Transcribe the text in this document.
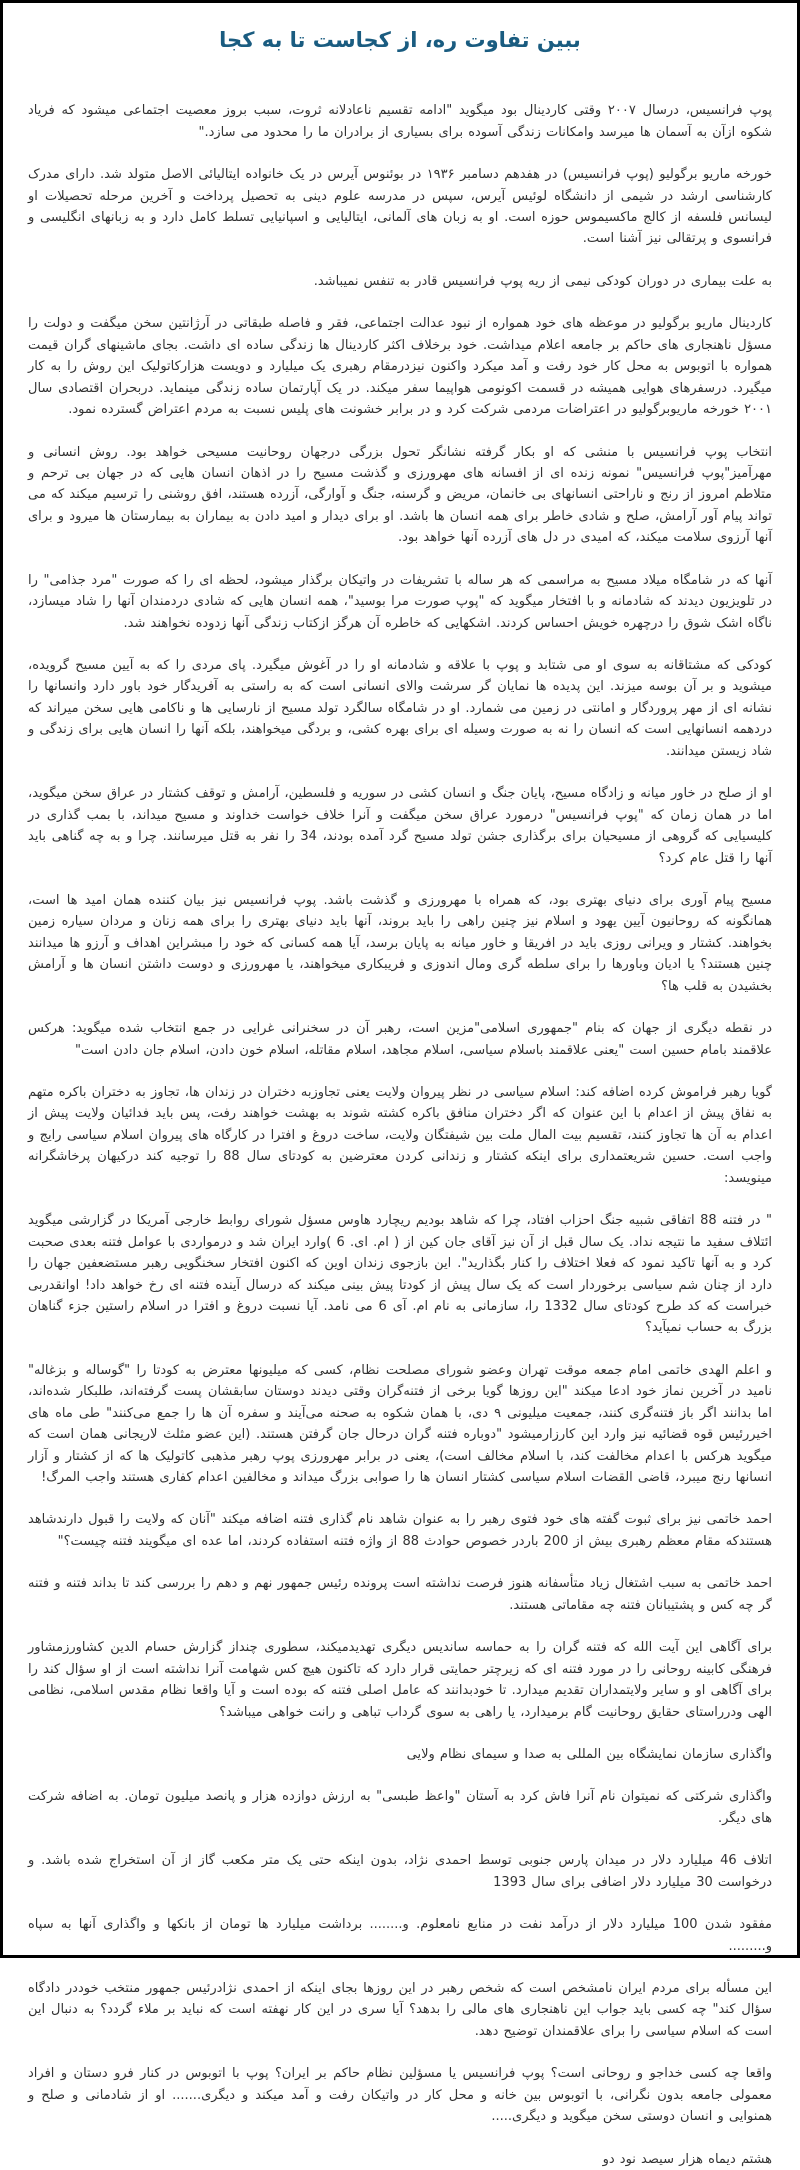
ببین تفاوت ره، از کجاست تا به کجا

پوپ فرانسیس، درسال ۲۰۰۷ وقتی کاردینال بود میگوید "ادامه تقسیم ناعادلانه ثروت، سبب بروز معصیت اجتماعی میشود که فریاد شکوه ازآن به آسمان ها میرسد وامکانات زندگی آسوده برای بسیاری از برادران ما را محدود می سازد."

خورخه ماریو برگولیو (پوپ فرانسیس) در هفدهم دسامبر ۱۹۳۶ در بوئنوس آیرس در یک خانواده ایتالیائی الاصل متولد شد. دارای مدرک کارشناسی ارشد در شیمی از دانشگاه لوئیس آیرس، سپس در مدرسه علوم دینی به تحصیل پرداخت و آخرین مرحله تحصیلات او لیسانس فلسفه از کالج ماکسیموس حوزه است. او به زبان های آلمانی، ایتالیایی و اسپانیایی تسلط کامل دارد و به زبانهای انگلیسی و فرانسوی و پرتقالی نیز آشنا است.

به علت بیماری در دوران کودکی نیمی از ریه پوپ فرانسیس قادر به تنفس نمیباشد.

کاردینال ماریو برگولیو در موعظه های خود همواره از نبود عدالت اجتماعی، فقر و فاصله طبقاتی در آرژانتین سخن میگفت و دولت را مسؤل ناهنجاری های حاکم بر جامعه اعلام میداشت. خود برخلاف اکثر کاردینال ها زندگی ساده ای داشت. بجای ماشینهای گران قیمت همواره با اتوبوس به محل کار خود رفت و آمد میکرد واکنون نیزدرمقام رهبری یک میلیارد و دویست هزارکاتولیک این روش را به کار میگیرد. درسفرهای هوایی همیشه در قسمت اکونومی هواپیما سفر میکند. در یک آپارتمان ساده زندگی مینماید. دربحران اقتصادی سال ۲۰۰۱ خورخه ماریوبرگولیو در اعتراضات مردمی شرکت کرد و در برابر خشونت های پلیس نسبت به مردم اعتراض گسترده نمود.

انتخاب پوپ فرانسیس با منشی که او بکار گرفته نشانگر تحول بزرگی درجهان روحانیت مسیحی خواهد بود. روش انسانی و مهرآمیز"پوپ فرانسیس" نمونه زنده ای از افسانه های مهرورزی و گذشت مسیح را در اذهان انسان هایی که در جهان بی ترحم و متلاطم امروز از رنج و ناراحتی انسانهای بی خانمان، مریض و گرسنه، جنگ و آوارگی، آزرده هستند، افق روشنی را ترسیم میکند که می تواند پیام آور آرامش، صلح و شادی خاطر برای همه انسان ها باشد. او برای دیدار و امید دادن به بیماران به بیمارستان ها میرود و برای آنها آرزوی سلامت میکند، که امیدی در دل های آزرده آنها خواهد بود.

آنها که در شامگاه میلاد مسیح به مراسمی که هر ساله با تشریفات در واتیکان برگذار میشود، لحظه ای را که صورت "مرد جذامی" را در تلویزیون دیدند که شادمانه و با افتخار میگوید که "پوپ صورت مرا بوسید"، همه انسان هایی که شادی دردمندان آنها را شاد میسازد، ناگاه اشک شوق را درچهره خویش احساس کردند. اشکهایی که خاطره آن هرگز ازکتاب زندگی آنها زدوده نخواهند شد.

کودکی که مشتاقانه به سوی او می شتابد و پوپ با علاقه و شادمانه او را در آغوش میگیرد. پای مردی را که به آیین مسیح گرویده، میشوید و بر آن بوسه میزند. این پدیده ها نمایان گر سرشت والای انسانی است که به راستی به آفریدگار خود باور دارد وانسانها را نشانه ای از مهر پروردگار و امانتی در زمین می شمارد. او در شامگاه سالگرد تولد مسیح از نارسایی ها و ناکامی هایی سخن میراند که دردهمه انسانهایی است که انسان را نه به صورت وسیله ای برای بهره کشی، و بردگی میخواهند، بلکه آنها را انسان هایی برای زندگی و شاد زیستن میدانند.

او از صلح در خاور میانه و زادگاه مسیح، پایان جنگ و انسان کشی در سوریه و فلسطین، آرامش و توقف کشتار در عراق سخن میگوید، اما در همان زمان که "پوپ فرانسیس" درمورد عراق سخن میگفت و آنرا خلاف خواست خداوند و مسیح میداند، با بمب گذاری در کلیسیایی که گروهی از مسیحیان برای برگذاری جشن تولد مسیح گرد آمده بودند، 34 را نفر به قتل میرسانند. چرا و به چه گناهی باید آنها را قتل عام کرد؟

مسیح پیام آوری برای دنیای بهتری بود، که همراه با مهرورزی و گذشت باشد. پوپ فرانسیس نیز بیان کننده همان امید ها است، همانگونه که روحانیون آیین یهود و اسلام نیز چنین راهی را باید بروند، آنها باید دنیای بهتری را برای همه زنان و مردان سیاره زمین بخواهند. کشتار و ویرانی روزی باید در افریقا و خاور میانه به پایان برسد، آیا همه کسانی که خود را مبشراین اهداف و آرزو ها میدانند چنین هستند؟ یا ادیان وباورها را برای سلطه گری ومال اندوزی و فریبکاری میخواهند، یا مهرورزی و دوست داشتن انسان ها و آرامش بخشیدن به قلب ها؟

در نقطه دیگری از جهان که بنام "جمهوری اسلامی"مزین است، رهبر آن در سخنرانی غرایی در جمع انتخاب شده میگوید: هرکس علاقمند بامام حسین است "یعنی علاقمند باسلام سیاسی، اسلام مجاهد، اسلام مقاتله، اسلام خون دادن، اسلام جان دادن است"

گویا رهبر فراموش کرده اضافه کند: اسلام سیاسی در نظر پیروان ولایت یعنی تجاوزبه دختران در زندان ها، تجاوز به دختران باکره متهم به نفاق پیش از اعدام با این عنوان که اگر دختران منافق باکره کشته شوند به بهشت خواهند رفت، پس باید فدائیان ولایت پیش از اعدام به آن ها تجاوز کنند، تقسیم بیت المال ملت بین شیفتگان ولایت، ساخت دروغ و افترا در کارگاه های پیروان اسلام سیاسی رایج و واجب است. حسین شریعتمداری برای اینکه کشتار و زندانی کردن معترضین به کودتای سال 88 را توجیه کند درکیهان پرخاشگرانه مینویسد:

" در فتنه 88 اتفاقی شبیه جنگ احزاب افتاد، چرا که شاهد بودیم ریچارد هاوس مسؤل شورای روابط خارجی آمریکا در گزارشی میگوید ائتلاف سفید ما نتیجه نداد. یک سال قبل از آن نیز آقای جان کین از ( ام. ای. 6 )وارد ایران شد و درمواردی با عوامل فتنه بعدی صحبت کرد و به آنها تاکید نمود که فعلا اختلاف را کنار بگذارید". این بازجوی زندان اوین که اکنون افتخار سخنگویی رهبر مستضعفین جهان را دارد از چنان شم سیاسی برخوردار است که یک سال پیش از کودتا پیش بینی میکند که درسال آینده فتنه ای رخ خواهد داد! اوانقدربی خبراست که کد طرح کودتای سال 1332 را، سازمانی به نام ام. آی 6 می نامد. آیا نسبت دروغ و افترا در اسلام راستین جزء گناهان بزرگ به حساب نمیآید؟

و اعلم الهدی خاتمی امام جمعه موقت تهران وعضو شورای مصلحت نظام، کسی که میلیونها معترض به کودتا را "گوساله و بزغاله" نامید در آخرین نماز خود ادعا میکند "این روزها گویا برخی از فتنه‌گران وقتی دیدند دوستان سابقشان پست گرفته‌اند، طلبکار شده‌اند، اما بدانند اگر باز فتنه‌گری کنند، جمعیت میلیونی ۹ دی، با همان شکوه به صحنه می‌آیند و سفره آن ها را جمع می‌کنند" طی ماه های اخیررئیس قوه قضائیه نیز وارد این کارزارمیشود "دوباره فتنه گران درحال جان گرفتن هستند. (این عضو مثلث لاریجانی همان است که میگوید هرکس با اعدام مخالفت کند، با اسلام مخالف است)، یعنی در برابر مهرورزی پوپ رهبر مذهبی کاتولیک ها که از کشتار و آزار انسانها رنج میبرد، قاضی القضات اسلام سیاسی کشتار انسان ها را صوابی بزرگ میداند و مخالفین اعدام کفاری هستند واجب المرگ!

احمد خاتمی نیز برای ثبوت گفته های خود فتوی رهبر را به عنوان شاهد نام گذاری فتنه اضافه میکند "آنان که ولایت را قبول دارندشاهد هستندکه مقام معظم رهبری بیش از 200 باردر خصوص حوادث 88 از واژه فتنه استفاده کردند، اما عده ای میگویند فتنه چیست؟"

احمد خاتمی به سبب اشتغال زیاد متأسفانه هنوز فرصت نداشته است پرونده رئیس جمهور نهم و دهم را بررسی کند تا بداند فتنه و فتنه گر چه کس و پشتیبانان فتنه چه مقاماتی هستند.

برای آگاهی این آیت الله که فتنه گران را به حماسه ساندیس دیگری تهدیدمیکند، سطوری چنداز گزارش حسام الدین کشاورزمشاور فرهنگی کابینه روحانی را در مورد فتنه ای که زیرچتر حمایتی قرار دارد که تاکنون هیچ کس شهامت آنرا نداشته است از او سؤال کند را برای آگاهی او و سایر ولایتمداران تقدیم میدارد. تا خودبدانند که عامل اصلی فتنه که بوده است و آیا واقعا نظام مقدس اسلامی، نظامی الهی ودرراستای حقایق روحانیت گام برمیدارد، یا راهی به سوی گرداب تباهی و رانت خواهی میباشد؟

واگذاری سازمان نمایشگاه بین المللی به صدا و سیمای نظام ولایی

واگذاری شرکتی که نمیتوان نام آنرا فاش کرد به آستان "واعظ طبسی" به ارزش دوازده هزار و پانصد میلیون تومان. به اضافه شرکت های دیگر.

اتلاف 46 میلیارد دلار در میدان پارس جنوبی توسط احمدی نژاد، بدون اینکه حتی یک متر مکعب گاز از آن استخراج شده باشد. و درخواست 30 میلیارد دلار اضافی برای سال 1393

مفقود شدن 100 میلیارد دلار از درآمد نفت در منابع نامعلوم. و........ برداشت میلیارد ها تومان از بانکها و واگذاری آنها به سپاه و.........

این مسأله برای مردم ایران نامشخص است که شخص رهبر در این روزها بجای اینکه از احمدی نژادرئیس جمهور منتخب خوددر دادگاه سؤال کند" چه کسی باید جواب این ناهنجاری های مالی را بدهد؟ آیا سری در این کار نهفته است که نباید بر ملاء گردد؟ به دنبال این است که اسلام سیاسی را برای علاقمندان توضیح دهد.

واقعا چه کسی خداجو و روحانی است؟ پوپ فرانسیس یا مسؤلین نظام حاکم بر ایران؟ پوپ با اتوبوس در کنار فرو دستان و افراد معمولی جامعه بدون نگرانی، با اتوبوس بین خانه و محل کار در واتیکان رفت و آمد میکند و دیگری....... او از شادمانی و صلح و همنوایی و انسان دوستی سخن میگوید و دیگری.....

هشتم دیماه هزار سیصد نود دو
